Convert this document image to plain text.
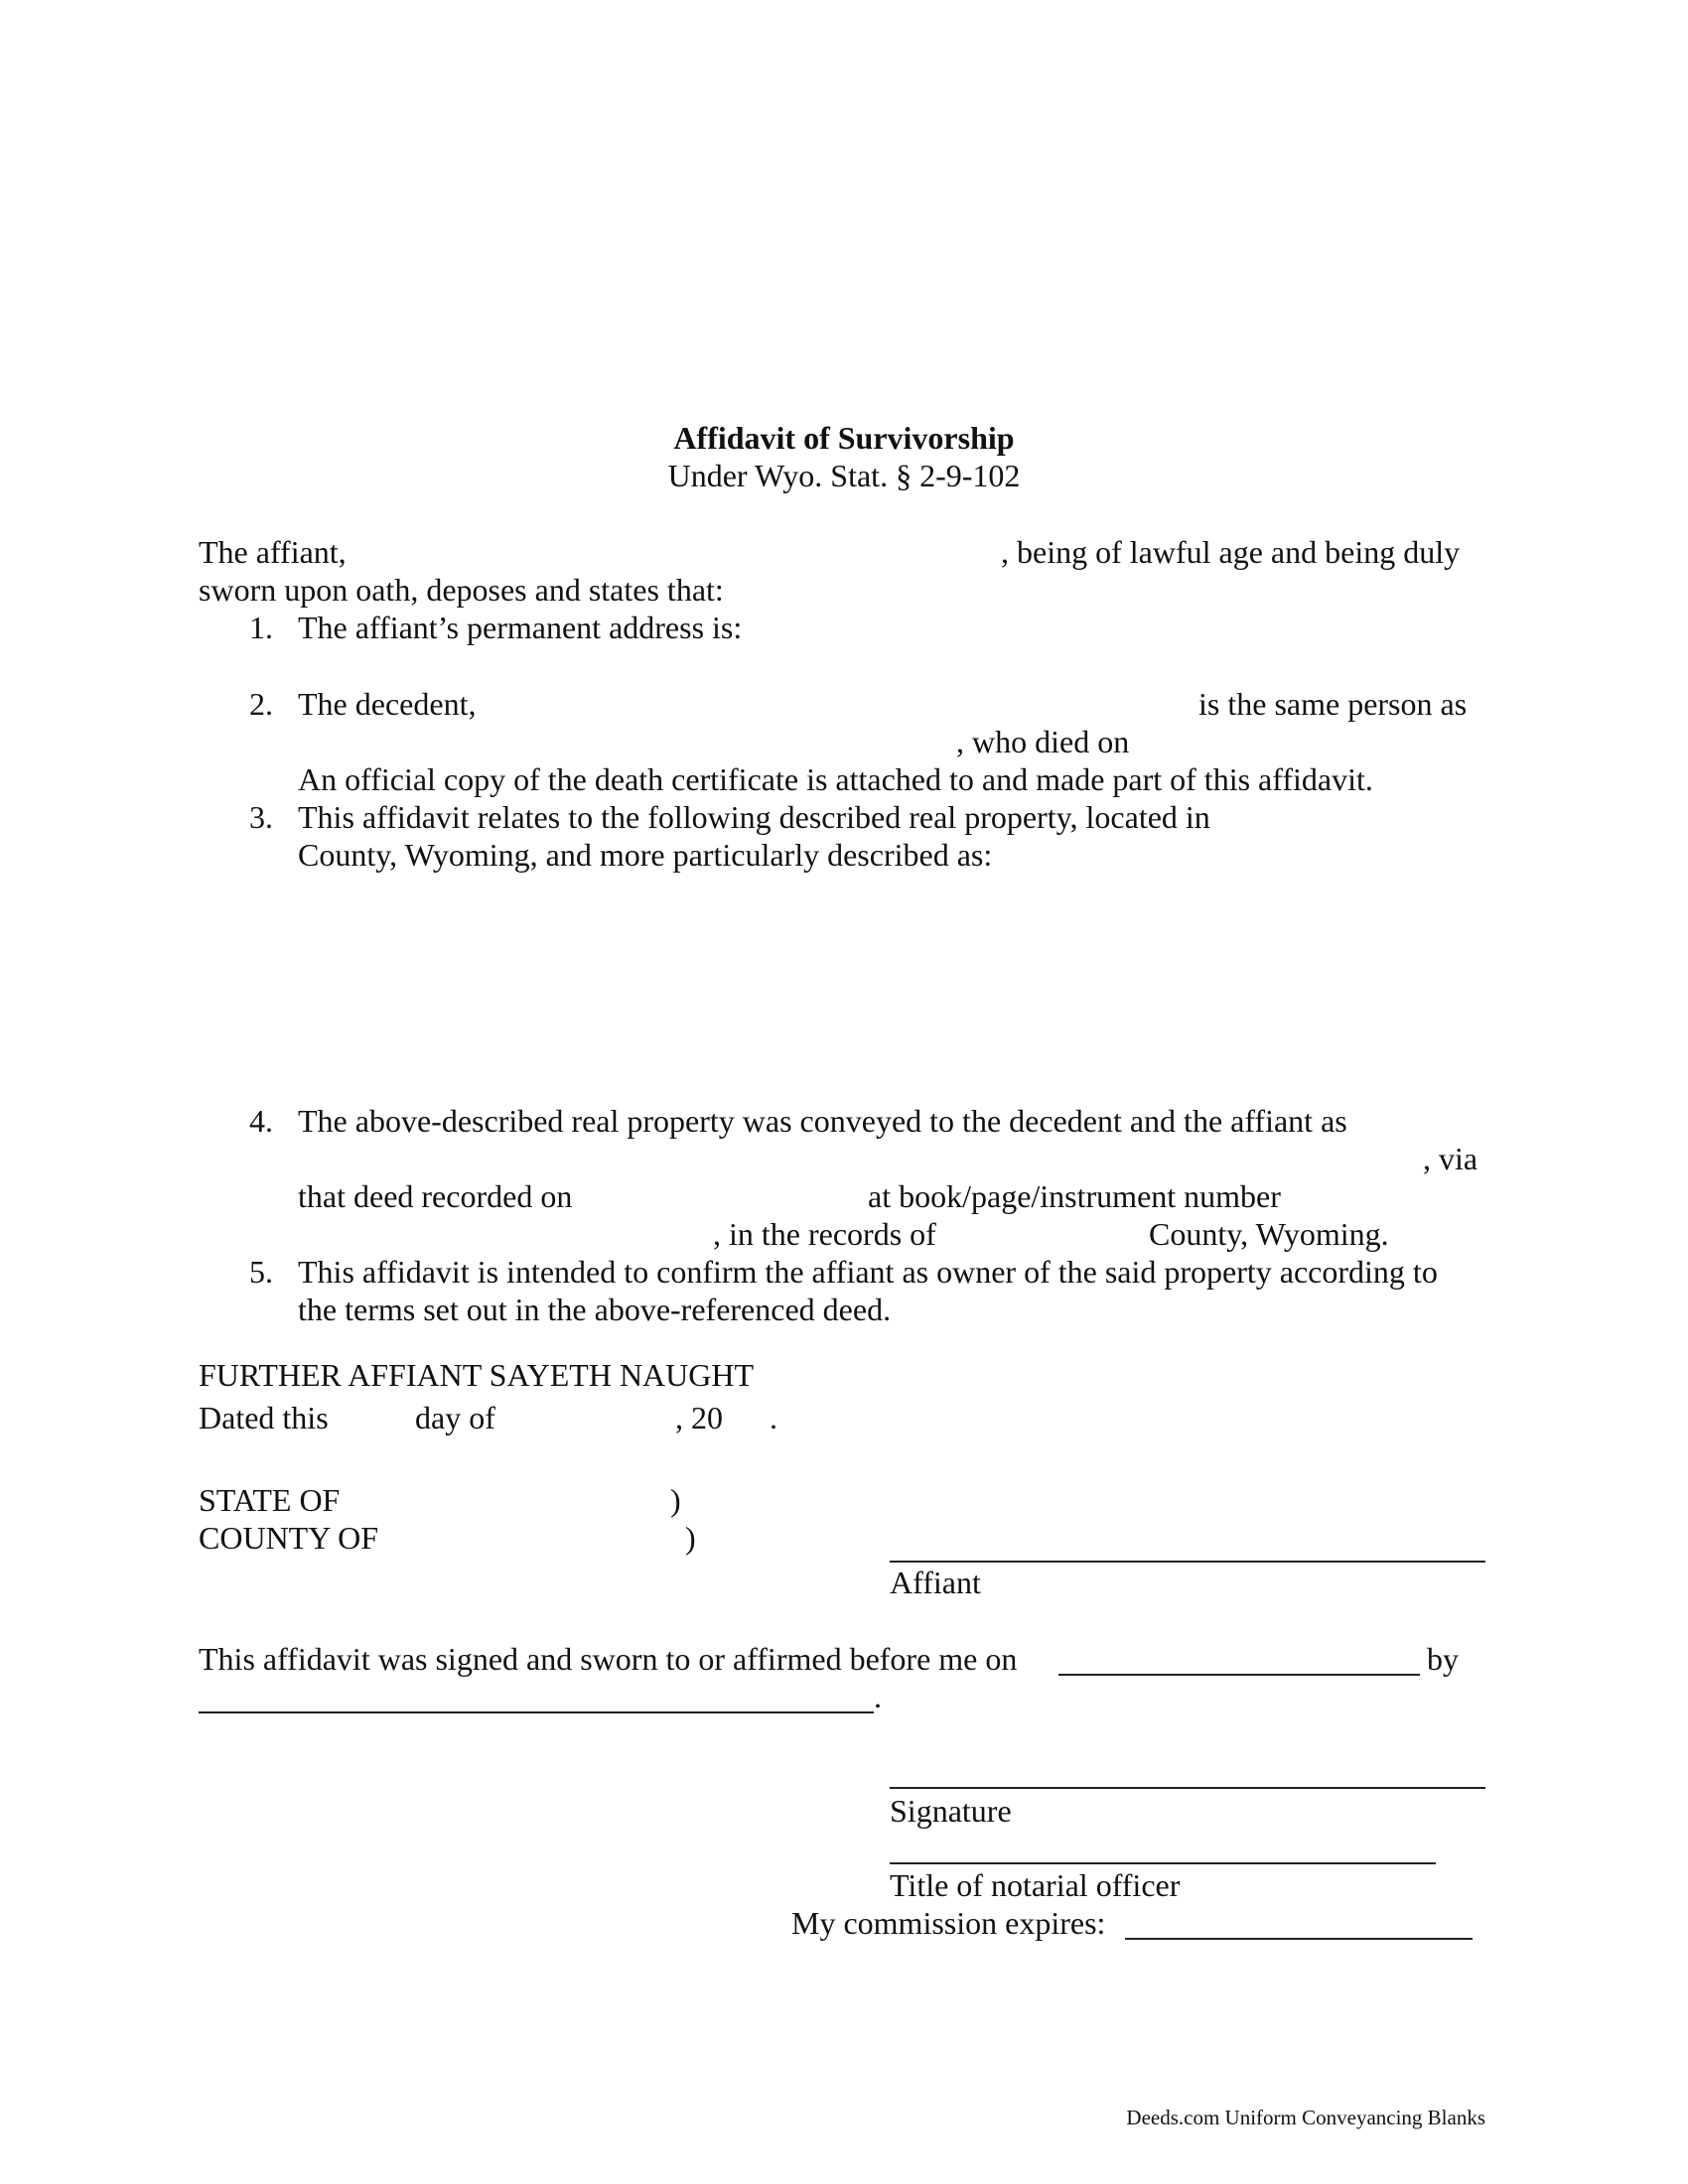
Affidavit of Survivorship
Under Wyo. Stat. § 2-9-102
The affiant,	, being of lawful age and being duly
sworn upon oath, deposes and states that:
1. The affiant’s permanent address is:
2. The decedent,	is the same person as
, who died on
An official copy of the death certificate is attached to and made part of this affidavit.
3. This affidavit relates to the following described real property, located in
County, Wyoming, and more particularly described as:
4. The above-described real property was conveyed to the decedent and the affiant as
, via
that deed recorded on	at book/page/instrument number
, in the records of	County, Wyoming.
5. This affidavit is intended to confirm the affiant as owner of the said property according to
the terms set out in the above-referenced deed.
FURTHER AFFIANT SAYETH NAUGHT
Dated this	day of	, 20 .
STATE OF	)
COUNTY OF	)
Affiant
This affidavit was signed and sworn to or affirmed before me on	by
.
Signature
Title of notarial officer
My commission expires:
Deeds.com Uniform Conveyancing Blanks
